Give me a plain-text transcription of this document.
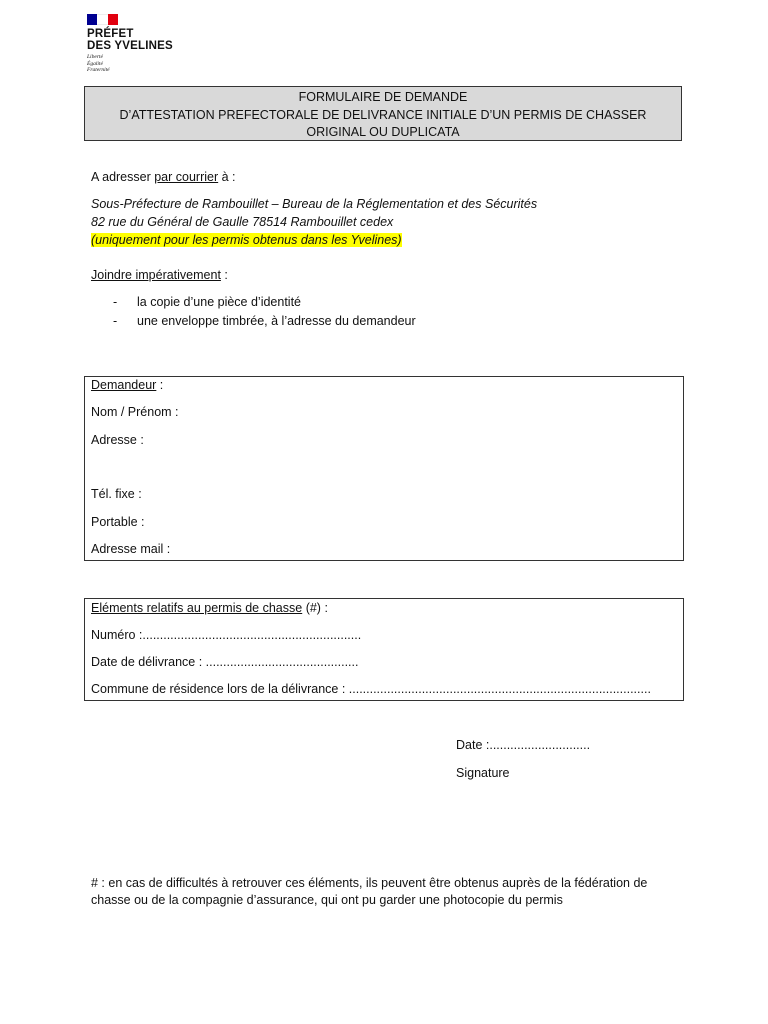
PRÉFET
DES YVELINES
Liberté
Égalité
Fraternité
FORMULAIRE DE DEMANDE
D’ATTESTATION PREFECTORALE DE DELIVRANCE INITIALE D’UN PERMIS DE CHASSER
ORIGINAL OU DUPLICATA
A adresser par courrier à :
Sous-Préfecture de Rambouillet – Bureau de la Réglementation et des Sécurités
82 rue du Général de Gaulle 78514 Rambouillet cedex
(uniquement pour les permis obtenus dans les Yvelines)
Joindre impérativement :
- la copie d’une pièce d’identité
- une enveloppe timbrée, à l’adresse du demandeur
Demandeur :
Nom / Prénom :
Adresse :
Tél. fixe :
Portable :
Adresse mail :
Eléments relatifs au permis de chasse (#) :
Numéro :...............................................................
Date de délivrance : ............................................
Commune de résidence lors de la délivrance : .......................................................................................
Date :.............................
Signature
# : en cas de difficultés à retrouver ces éléments, ils peuvent être obtenus auprès de la fédération de
chasse ou de la compagnie d’assurance, qui ont pu garder une photocopie du permis
